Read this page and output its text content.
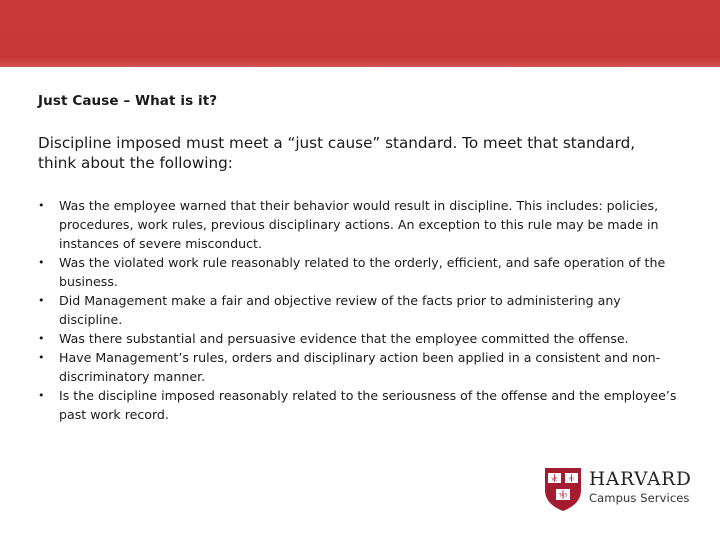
Just Cause – What is it?
Discipline imposed must meet a “just cause” standard. To meet that standard, think about the following:
• Was the employee warned that their behavior would result in discipline. This includes: policies, procedures, work rules, previous disciplinary actions. An exception to this rule may be made in instances of severe misconduct.
• Was the violated work rule reasonably related to the orderly, efficient, and safe operation of the business.
• Did Management make a fair and objective review of the facts prior to administering any discipline.
• Was there substantial and persuasive evidence that the employee committed the offense.
• Have Management’s rules, orders and disciplinary action been applied in a consistent and non-discriminatory manner.
• Is the discipline imposed reasonably related to the seriousness of the offense and the employee’s past work record.
VE	RI
TAS
HARVARD
Campus Services
